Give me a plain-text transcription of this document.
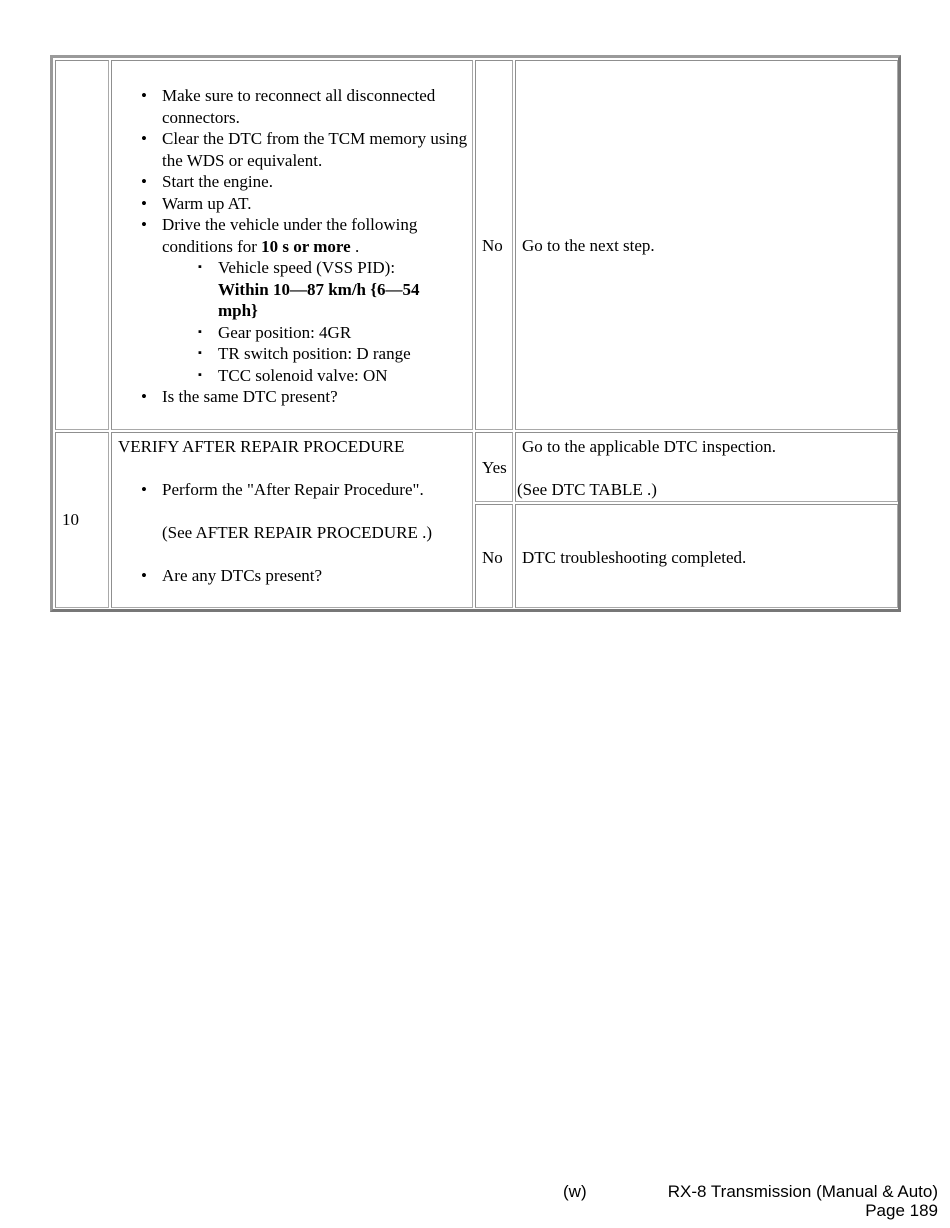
• Make sure to reconnect all disconnected connectors.
• Clear the DTC from the TCM memory using the WDS or equivalent.
• Start the engine.
• Warm up AT.
• Drive the vehicle under the following conditions for 10 s or more .
▪ Vehicle speed (VSS PID):
Within 10—87 km/h {6—54 mph}
▪ Gear position: 4GR
▪ TR switch position: D range
▪ TCC solenoid valve: ON
• Is the same DTC present?
No Go to the next step.
10
VERIFY AFTER REPAIR PROCEDURE
• Perform the "After Repair Procedure".
(See AFTER REPAIR PROCEDURE .)
• Are any DTCs present?
Yes
Go to the applicable DTC inspection.
(See DTC TABLE .)
No DTC troubleshooting completed.
(w)	RX-8 Transmission (Manual & Auto)
Page 189
